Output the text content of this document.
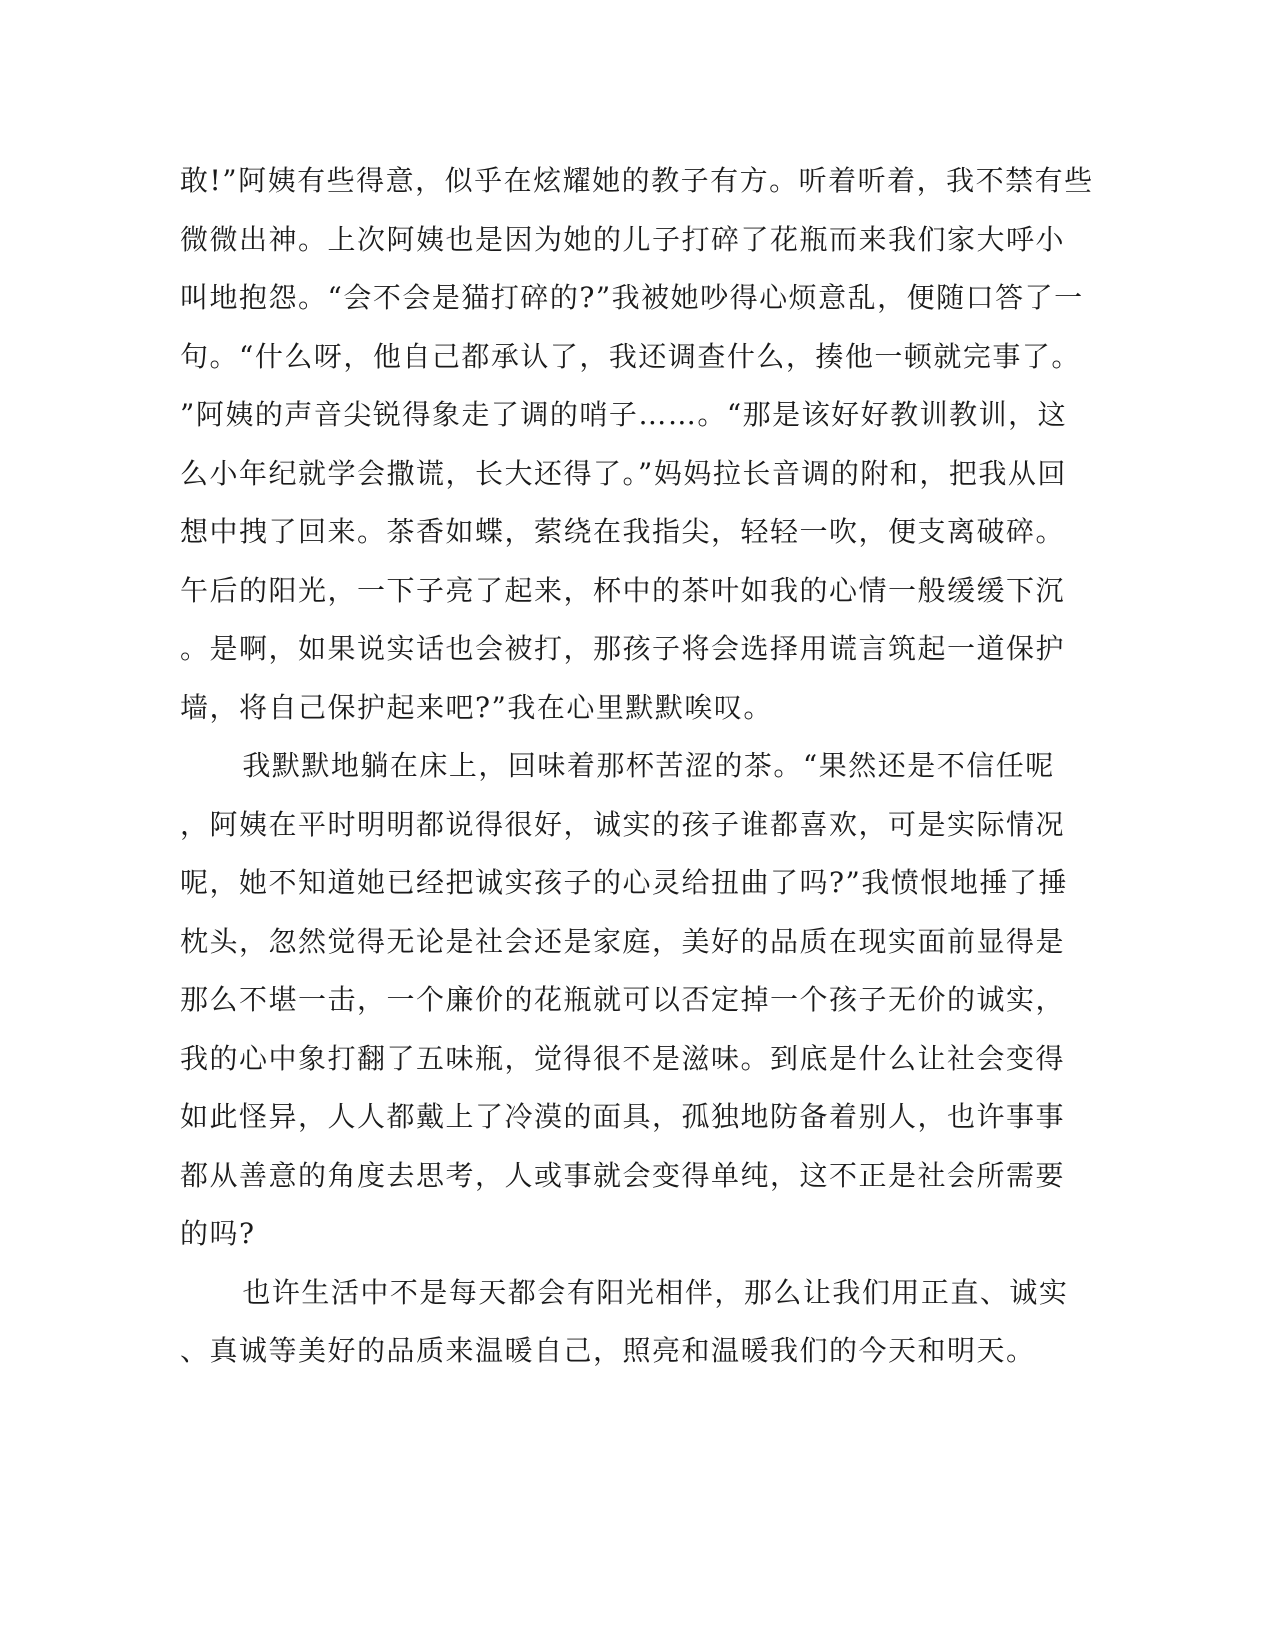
敢!”阿姨有些得意，似乎在炫耀她的教子有方。听着听着，我不禁有些
微微出神。上次阿姨也是因为她的儿子打碎了花瓶而来我们家大呼小
叫地抱怨。“会不会是猫打碎的?”我被她吵得心烦意乱，便随口答了一
句。“什么呀，他自己都承认了，我还调查什么，揍他一顿就完事了。
”阿姨的声音尖锐得象走了调的哨子……。“那是该好好教训教训，这
么小年纪就学会撒谎，长大还得了。”妈妈拉长音调的附和，把我从回
想中拽了回来。茶香如蝶，萦绕在我指尖，轻轻一吹，便支离破碎。
午后的阳光，一下子亮了起来，杯中的茶叶如我的心情一般缓缓下沉
。是啊，如果说实话也会被打，那孩子将会选择用谎言筑起一道保护
墙，将自己保护起来吧?”我在心里默默唉叹。
我默默地躺在床上，回味着那杯苦涩的茶。“果然还是不信任呢
，阿姨在平时明明都说得很好，诚实的孩子谁都喜欢，可是实际情况
呢，她不知道她已经把诚实孩子的心灵给扭曲了吗?”我愤恨地捶了捶
枕头，忽然觉得无论是社会还是家庭，美好的品质在现实面前显得是
那么不堪一击，一个廉价的花瓶就可以否定掉一个孩子无价的诚实，
我的心中象打翻了五味瓶，觉得很不是滋味。到底是什么让社会变得
如此怪异，人人都戴上了冷漠的面具，孤独地防备着别人，也许事事
都从善意的角度去思考，人或事就会变得单纯，这不正是社会所需要
的吗?
也许生活中不是每天都会有阳光相伴，那么让我们用正直、诚实
、真诚等美好的品质来温暖自己，照亮和温暖我们的今天和明天。
